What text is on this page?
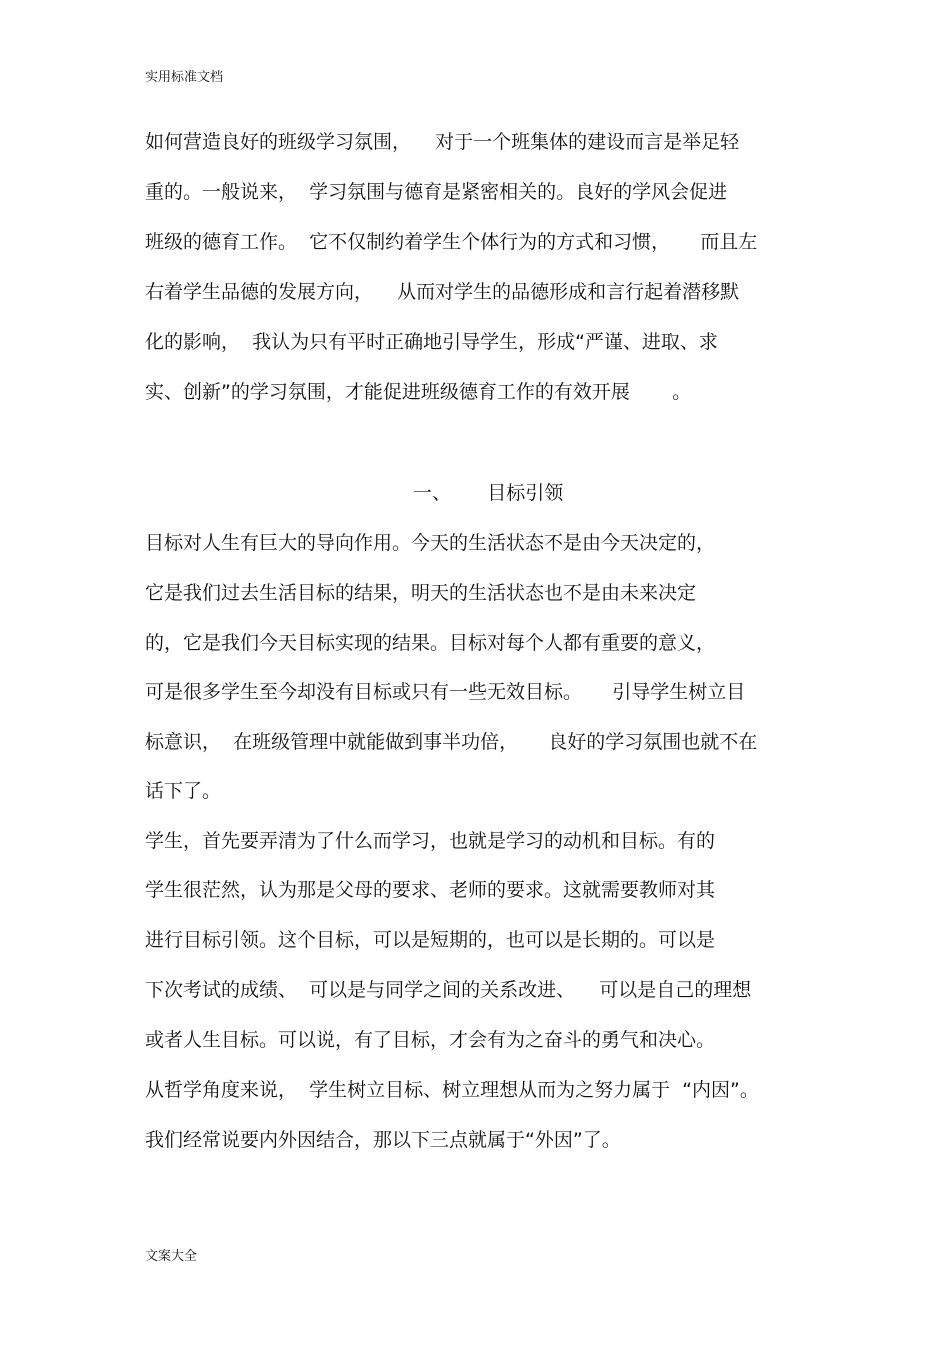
实用标准文档
如何营造良好的班级学习氛围，    对于一个班集体的建设而言是举足轻
重的。一般说来，  学习氛围与德育是紧密相关的。良好的学风会促进
班级的德育工作。  它不仅制约着学生个体行为的方式和习惯，     而且左
右着学生品德的发展方向，    从而对学生的品德形成和言行起着潜移默
化的影响，  我认为只有平时正确地引导学生，形成“严谨、进取、求
实、创新”的学习氛围，才能促进班级德育工作的有效开展       。
一、      目标引领
目标对人生有巨大的导向作用。今天的生活状态不是由今天决定的，
它是我们过去生活目标的结果，明天的生活状态也不是由未来决定
的，它是我们今天目标实现的结果。目标对每个人都有重要的意义，
可是很多学生至今却没有目标或只有一些无效目标。     引导学生树立目
标意识，  在班级管理中就能做到事半功倍，     良好的学习氛围也就不在
话下了。
学生，首先要弄清为了什么而学习，也就是学习的动机和目标。有的
学生很茫然，认为那是父母的要求、老师的要求。这就需要教师对其
进行目标引领。这个目标，可以是短期的，也可以是长期的。可以是
下次考试的成绩、  可以是与同学之间的关系改进、    可以是自己的理想
或者人生目标。可以说，有了目标，才会有为之奋斗的勇气和决心。
从哲学角度来说，  学生树立目标、树立理想从而为之努力属于  “内因”。
我们经常说要内外因结合，那以下三点就属于“外因”了。
文案大全
